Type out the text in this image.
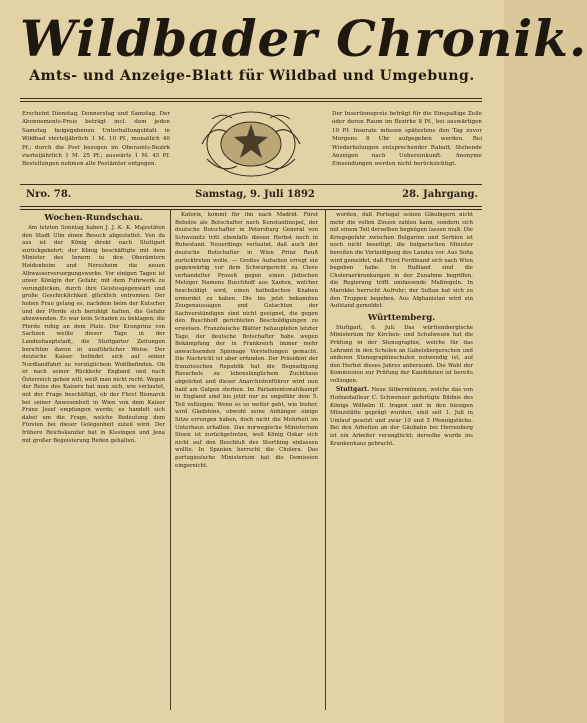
Wildbader Chronik.
Amts- und Anzeige-Blatt für Wildbad und Umgebung.
Erscheint Dienstag, Donnerstag und Samstag. Der Abonnements-Preis beträgt incl. dem jeden Samstag beigegebenen Unterhaltungsblatt in Wildbad vierteljährlich 1 M. 10 Pf., monatlich 40 Pf.; durch die Post bezogen im Oberamts-Bezirk vierteljährlich 1 M. 25 Pf.; auswärts 1 M. 45 Pf. Bestellungen nehmen alle Postämter entgegen.
Der Insertionspreis beträgt für die Einspaltige Zeile oder deren Raum im Bezirke 8 Pf., bei auswärtigen 10 Pf. Inserate müssen spätestens den Tag zuvor Morgens 8 Uhr aufgegeben werden. Bei Wiederholungen entsprechender Rabatt. Stehende Anzeigen nach Uebereinkunft. Anonyme Einsendungen werden nicht berücksichtigt.
Nro. 78.	Samstag, 9. Juli 1892	28. Jahrgang.

Wochen-Rundschau.

Am letzten Sonntag haben J. J. K. K. Majestäten den Stadt Ulm einen Besuch abgestattet. Von da aus ist der König direkt nach Stuttgart zurückgekehrt; der König beschäftigte mit dem Minister des Innern in den Oberämtern Heidenheim und Neresheim die neuen Albwasserversorgungswerke. Vor einigen Tagen ist unser Königin der Gefahr, mit dem Fuhrwerk zu verunglücken, durch ihre Geistesgegenwart und große Geschicklichkeit glücklich entronnen. Der hohen Frau gelang es, nachdem beim der Kutscher und der Pferde sich beruhigt hatten, die Gefahr abzuwenden. Es war kein Schaden zu beklagen; die Pferde ruhig an dem Platz. Der Kronprinz von Sachsen weilte dieser Tage in der Landeshauptstadt, die Stuttgarter Zeitungen berichten davon in ausführlicher Weise. Der deutsche Kaiser befindet sich auf seiner Nordlandfahrt zu vorzüglichem Wohlbefinden. Ob er nach seiner Rückkehr England und nach Österreich gehen will, weiß man nicht recht. Wegen der Reise des Kaisers hat man sich, wie verlautet, mit der Frage beschäftigt, ob der Fürst Bismarck bei seiner Anwesenheit in Wien von dem Kaiser Franz Josef empfangen werde; es handelt sich dabei um die Frage, welche Bedeutung dem Fürsten bei dieser Gelegenheit zuteil wird. Der frühere Reichskanzler hat in Kissingen und Jena mit großer Begeisterung Reden gehalten.

Katorix, kommt für ihn nach Madrid. Fürst Bebolos als Botschafter nach Konstantinopel, der deutsche Botschafter in Petersburg General von Schweinitz tritt ebenfalls diesen Herbst noch in Ruhestand. Neuerdings verlautet, daß auch der deutsche Botschafter in Wien Prinz Reuß zurücktreten wolle. — Großes Aufsehen erregt ein gegenwärtig vor dem Schwurgericht zu Cleve verhandelter Prozeß gegen einen jüdischen Metzger Namens Buschhoff aus Xanten, welcher beschuldigt wird, einen katholischen Knaben ermordet zu haben. Die bis jetzt bekannten Zeugenaussagen und Gutachten der Sachverständigen sind nicht geeignet, die gegen den Buschhoff gerichteten Beschuldigungen zu erweisen. Französische Blätter behaupteten letzter Tage, der deutsche Botschafter habe wegen Bekämpfung der in Frankreich immer mehr anwachsenden Spionage Vorstellungen gemacht. Die Nachricht ist aber erfunden. Der Präsident der französischen Republik hat die Begnadigung Ravachols zu lebenslänglichem Zuchthaus abgelehnt und dieser Anarchistenführer wird nun bald am Galgen sterben. Im Parlamentswahlkampf in England sind bis jetzt nur zu ungefähr dem 5. Teil vollzogen. Wenn es so weiter geht, wie bisher, wird Gladstone, obwohl seine Anhänger einige Sitze errungen haben, doch nicht die Mehrheit im Unterhaus erhalten. Das norwegische Ministerium Steen ist zurückgetreten, weil König Oskar sich nicht auf den Beschluß des Storthing einlassen wollte. In Spanien herrscht die Cholera. Das portugiesische Ministerium hat die Demission eingereicht.

worden, daß Portugal seinen Gläubigern nicht mehr die vollen Zinsen zahlen kann, sondern sich mit einem Teil derselben begnügen lassen muß. Die Kriegsgefahr zwischen Bulgarien und Serbien ist noch nicht beseitigt, die bulgarischen Minister bereiten die Verteidigung des Landes vor. Aus Sofia wird gemeldet, daß Fürst Ferdinand sich nach Wien begeben habe. In Rußland sind die Choleraerkrankungen in der Zunahme begriffen, die Regierung trifft umfassende Maßregeln. In Marokko herrscht Aufruhr; der Sultan hat sich zu den Truppen begeben. Aus Afghanistan wird ein Aufstand gemeldet.

Württemberg.

Stuttgart, 6. Juli. Das württembergische Ministerium für Kirchen- und Schulwesen hat die Prüfung in der Stenographie, welche für das Lehramt in den Schulen an Gabelsbergerschen und anderen Stenographieschulen notwendig ist, auf den Herbst dieses Jahres anberaumt. Die Wahl der Kommission zur Prüfung der Kandidaten ist bereits vollzogen.

Stuttgart. Neue Silbermünzen, welche das von Hofmedailleur C. Schwenzer gefertigte Bildnis des Königs Wilhelm II. tragen und in den hiesigen Münzstätte geprägt wurden, sind seit 1. Juli in Umlauf gesetzt und zwar 10 und 5 Pfennigstücke. Bei den Arbeiten an der Gäubahn bei Herrenberg ist ein Arbeiter verunglückt; derselbe wurde ins Krankenhaus gebracht.
